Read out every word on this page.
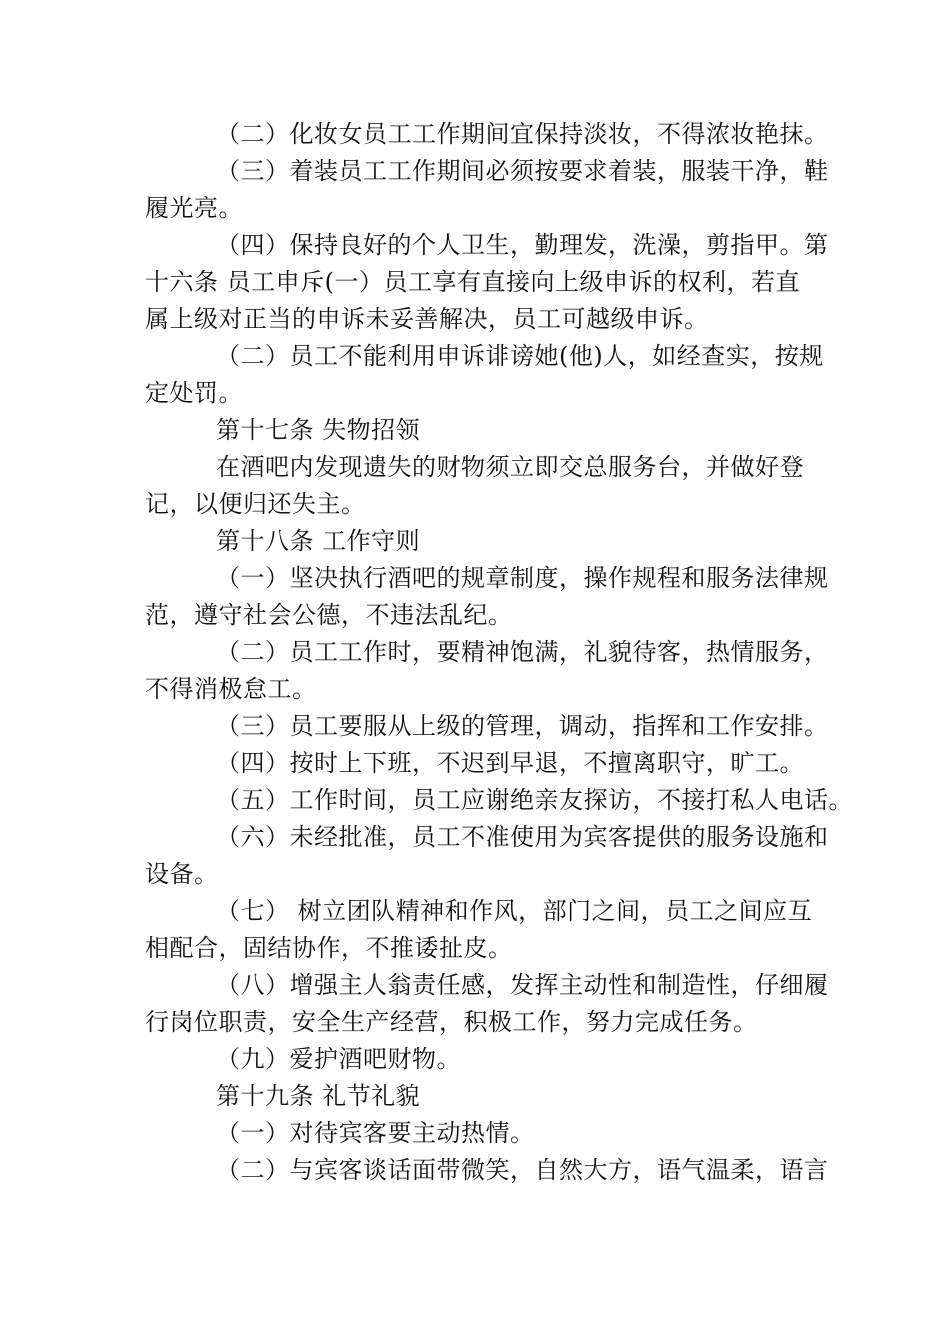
（二）化妆女员工工作期间宜保持淡妆，不得浓妆艳抹。
（三）着装员工工作期间必须按要求着装，服装干净，鞋
履光亮。
（四）保持良好的个人卫生，勤理发，洗澡，剪指甲。第
十六条 员工申斥(一）员工享有直接向上级申诉的权利，若直
属上级对正当的申诉未妥善解决，员工可越级申诉。
（二）员工不能利用申诉诽谤她(他)人，如经查实，按规
定处罚。
第十七条 失物招领
在酒吧内发现遗失的财物须立即交总服务台，并做好登
记，以便归还失主。
第十八条 工作守则
（一）坚决执行酒吧的规章制度，操作规程和服务法律规
范，遵守社会公德，不违法乱纪。
（二）员工工作时，要精神饱满，礼貌待客，热情服务，
不得消极怠工。
（三）员工要服从上级的管理，调动，指挥和工作安排。
（四）按时上下班，不迟到早退，不擅离职守，旷工。
（五）工作时间，员工应谢绝亲友探访，不接打私人电话。
（六）未经批准，员工不准使用为宾客提供的服务设施和
设备。
（七） 树立团队精神和作风，部门之间，员工之间应互
相配合，固结协作，不推诿扯皮。
（八）增强主人翁责任感，发挥主动性和制造性，仔细履
行岗位职责，安全生产经营，积极工作，努力完成任务。
（九）爱护酒吧财物。
第十九条 礼节礼貌
（一）对待宾客要主动热情。
（二）与宾客谈话面带微笑，自然大方，语气温柔，语言
